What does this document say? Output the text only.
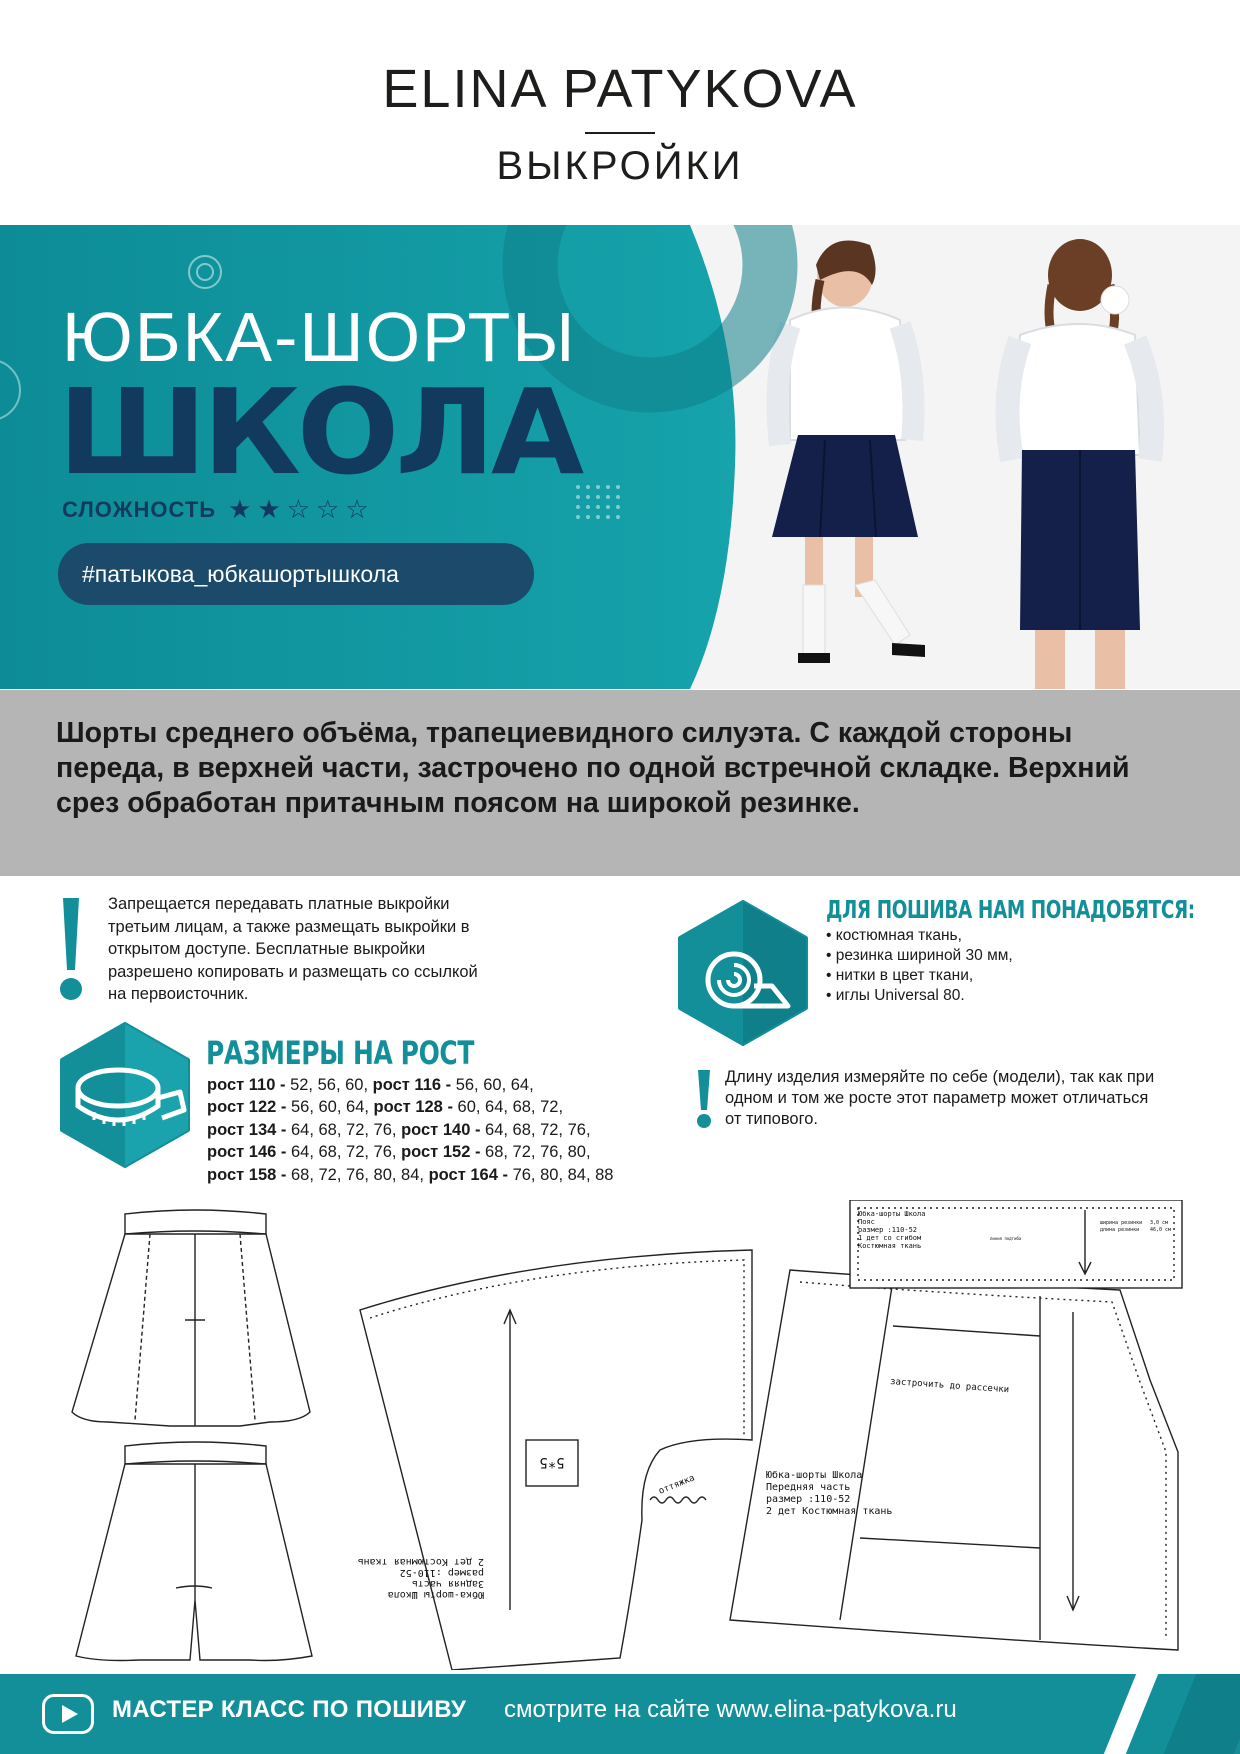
ELINA PATYKOVA
ВЫКРОЙКИ
ЮБКА-ШОРТЫ
ШКОЛА
СЛОЖНОСТЬ ★ ★ ☆ ☆ ☆
#патыкова_юбкашортышкола

Шорты среднего объёма, трапециевидного силуэта. С каждой стороны переда, в верхней части, застрочено по одной встречной складке. Верхний срез обработан притачным поясом на широкой резинке.

Запрещается передавать платные выкройки третьим лицам, а также размещать выкройки в открытом доступе. Бесплатные выкройки разрешено копировать и размещать со ссылкой на первоисточник.

ДЛЯ ПОШИВА НАМ ПОНАДОБЯТСЯ:
• костюмная ткань,
• резинка шириной 30 мм,
• нитки в цвет ткани,
• иглы Universal 80.
РАЗМЕРЫ НА РОСТ
рост 110 - 52, 56, 60, рост 116 - 56, 60, 64,
рост 122 - 56, 60, 64, рост 128 - 60, 64, 68, 72,
рост 134 - 64, 68, 72, 76, рост 140 - 64, 68, 72, 76,
рост 146 - 64, 68, 72, 76, рост 152 - 68, 72, 76, 80,
рост 158 - 68, 72, 76, 80, 84, рост 164 - 76, 80, 84, 88

Длину изделия измеряйте по себе (модели), так как при одном и том же росте этот параметр может отличаться от типового.

Юбка-шорты Школа Задняя часть размер :110-52 2 дет Костюмная ткань
5*5
оттяжка	Юбка-шорты Школа Передняя часть размер :110-52 2 дет Костюмная ткань
застрочить до рассечки
Юбка-шорты Школа Пояс размер :110-52 1 дет со сгибом Костюмная ткань
линия подгиба
ширина резинки длина резинки
3,0 см 46,0 см
МАСТЕР КЛАСС ПО ПОШИВУ смотрите на сайте www.elina-patykova.ru
